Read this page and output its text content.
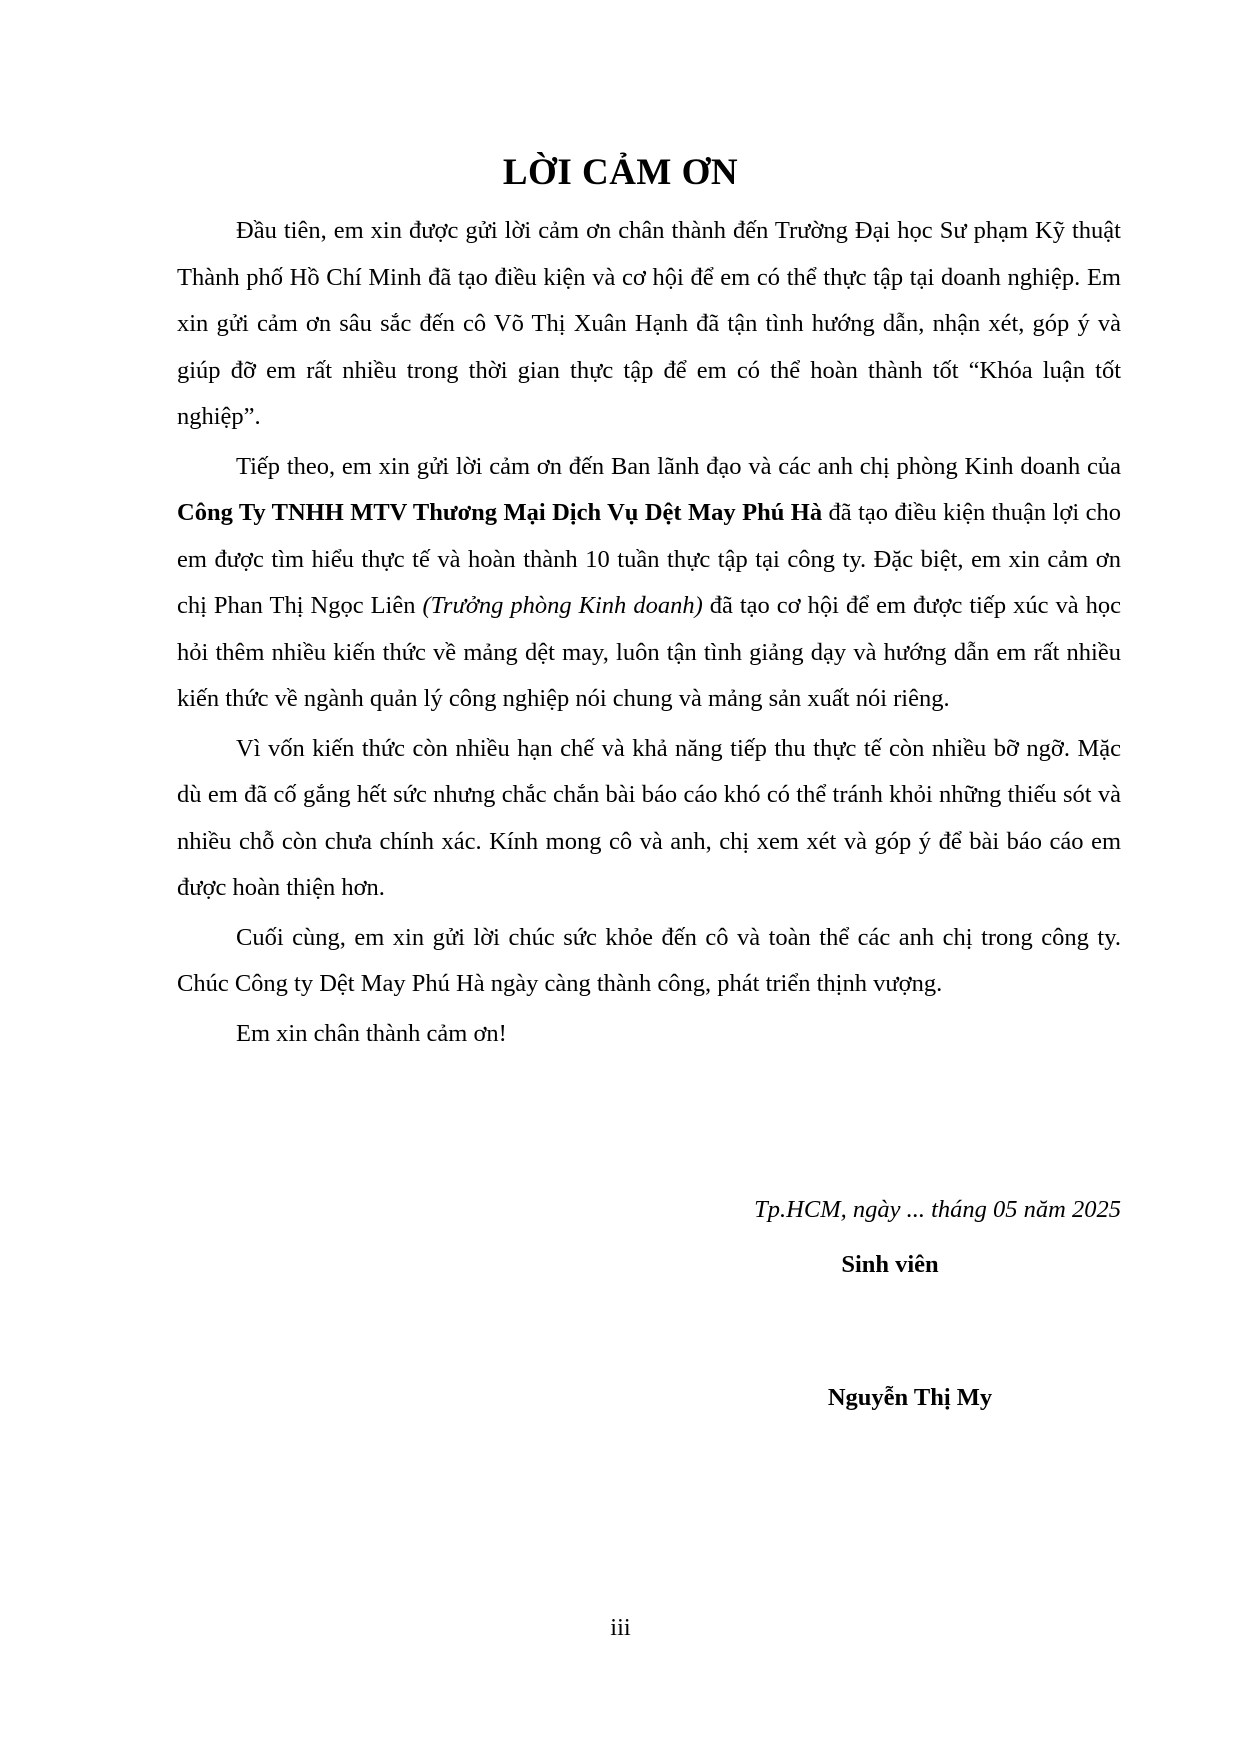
LỜI CẢM ƠN

Đầu tiên, em xin được gửi lời cảm ơn chân thành đến Trường Đại học Sư phạm Kỹ thuật Thành phố Hồ Chí Minh đã tạo điều kiện và cơ hội để em có thể thực tập tại doanh nghiệp. Em xin gửi cảm ơn sâu sắc đến cô Võ Thị Xuân Hạnh đã tận tình hướng dẫn, nhận xét, góp ý và giúp đỡ em rất nhiều trong thời gian thực tập để em có thể hoàn thành tốt “Khóa luận tốt nghiệp”.

Tiếp theo, em xin gửi lời cảm ơn đến Ban lãnh đạo và các anh chị phòng Kinh doanh của Công Ty TNHH MTV Thương Mại Dịch Vụ Dệt May Phú Hà đã tạo điều kiện thuận lợi cho em được tìm hiểu thực tế và hoàn thành 10 tuần thực tập tại công ty. Đặc biệt, em xin cảm ơn chị Phan Thị Ngọc Liên (Trưởng phòng Kinh doanh) đã tạo cơ hội để em được tiếp xúc và học hỏi thêm nhiều kiến thức về mảng dệt may, luôn tận tình giảng dạy và hướng dẫn em rất nhiều kiến thức về ngành quản lý công nghiệp nói chung và mảng sản xuất nói riêng.

Vì vốn kiến thức còn nhiều hạn chế và khả năng tiếp thu thực tế còn nhiều bỡ ngỡ. Mặc dù em đã cố gắng hết sức nhưng chắc chắn bài báo cáo khó có thể tránh khỏi những thiếu sót và nhiều chỗ còn chưa chính xác. Kính mong cô và anh, chị xem xét và góp ý để bài báo cáo em được hoàn thiện hơn.

Cuối cùng, em xin gửi lời chúc sức khỏe đến cô và toàn thể các anh chị trong công ty. Chúc Công ty Dệt May Phú Hà ngày càng thành công, phát triển thịnh vượng.

Em xin chân thành cảm ơn!

Tp.HCM, ngày ... tháng 05 năm 2025
Sinh viên
Nguyễn Thị My
iii
